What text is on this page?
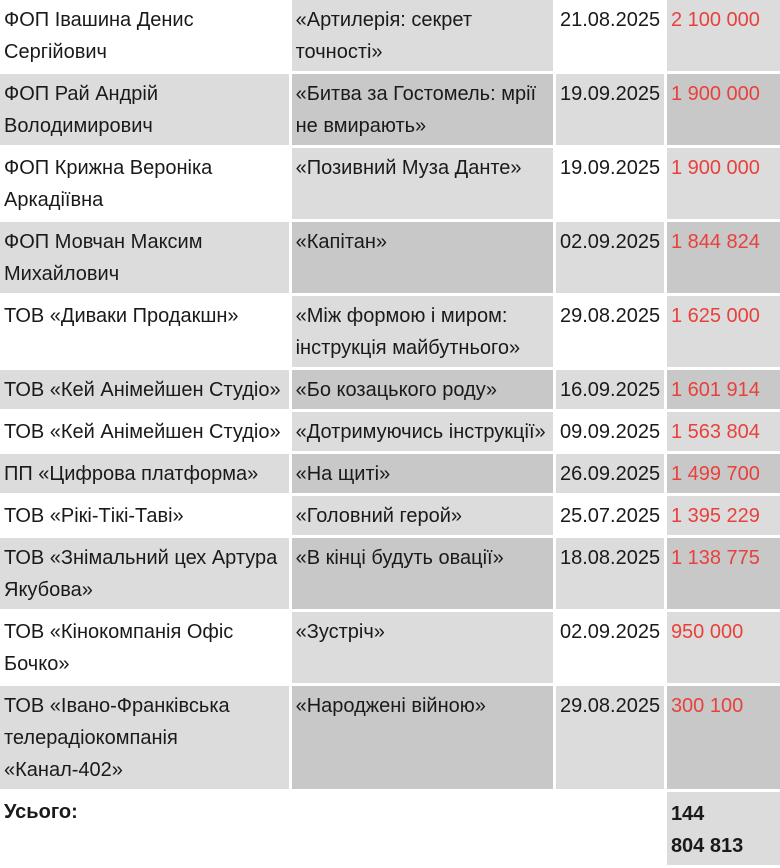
ФОП Івашина Денис Сергійович	«Артилерія: секрет точності»	21.08.2025	2 100 000
ФОП Рай Андрій Володимирович	«Битва за Гостомель: мрії не вмирають»	19.09.2025	1 900 000
ФОП Крижна Вероніка Аркадіївна	«Позивний Муза Данте»	19.09.2025	1 900 000
ФОП Мовчан Максим Михайлович	«Капітан»	02.09.2025	1 844 824
ТОВ «Диваки Продакшн»	«Між формою і миром: інструкція майбутнього»	29.08.2025	1 625 000
ТОВ «Кей Анімейшен Студіо»	«Бо козацького роду»	16.09.2025	1 601 914
ТОВ «Кей Анімейшен Студіо»	«Дотримуючись інструкції»	09.09.2025	1 563 804
ПП «Цифрова платформа»	«На щиті»	26.09.2025	1 499 700
ТОВ «Рікі-Тікі-Таві»	«Головний герой»	25.07.2025	1 395 229
ТОВ «Знімальний цех Артура Якубова»	«В кінці будуть овації»	18.08.2025	1 138 775
ТОВ «Кінокомпанія Офіс Бочко»	«Зустріч»	02.09.2025	950 000
ТОВ «Івано-Франківська телерадіокомпанія «Канал-402»	«Народжені війною»	29.08.2025	300 100
Усього:			144
804 813
